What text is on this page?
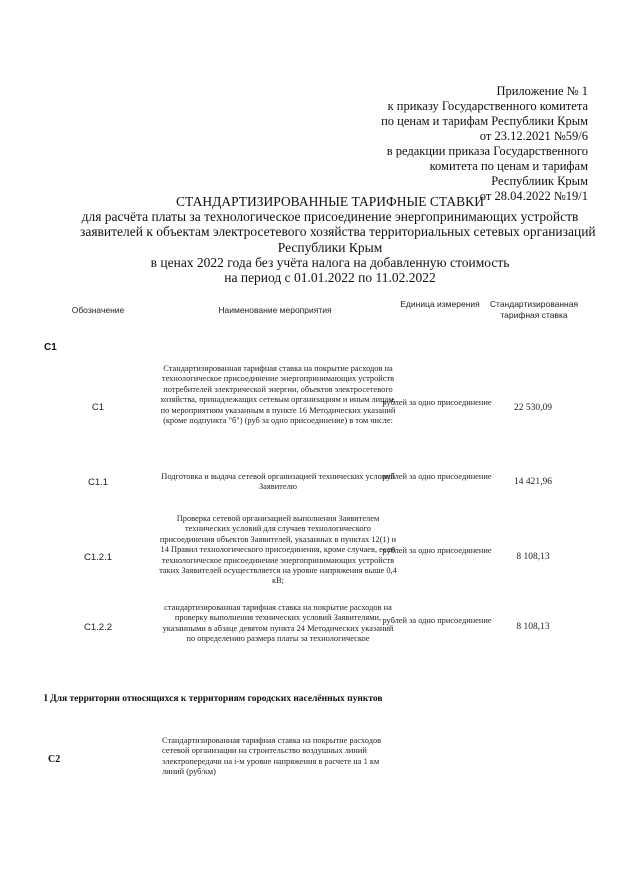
Приложение № 1
к приказу Государственного комитета
по ценам и тарифам Республики Крым
от 23.12.2021 №59/6
в редакции приказа Государственного
комитета по ценам и тарифам
Республиик Крым
от 28.04.2022 №19/1
СТАНДАРТИЗИРОВАННЫЕ ТАРИФНЫЕ СТАВКИ
для расчёта платы за технологическое присоединение энергопринимающих устройств
заявителей к объектам электросетевого хозяйства территориальных сетевых организаций
Республики Крым
в ценах 2022 года без учёта налога на добавленную стоимость
на период с 01.01.2022 по 11.02.2022
Обозначение	Наименование мероприятия
Единица измерения	Стандартизированная тарифная ставка
С1
С1
Стандартизированная тарифная ставка на покрытие расходов на технологическое присоединение энергопринимающих устройств потребителей электрической энергии, объектов электросетевого хозяйства, принадлежащих сетевым организациям и иным лицам, по мероприятиям указанным в пункте 16 Методических указаний (кроме подпункта "б") (руб за одно присоединение) в том числе:
рублей за одно присоединение
22 530,09
С1.1
Подготовка и выдача сетевой организацией технических условий Заявителю
рублей за одно присоединение
14 421,96
С1.2.1
Проверка сетевой организацией выполнения Заявителем технических условий для случаев технологического присоединения объектов Заявителей, указанных в пунктах 12(1) и 14 Правил технологического присоединения, кроме случаев, если технологическое присоединение энергопринимающих устройств таких Заявителей осуществляется на уровне напряжения выше 0,4 кВ;
рублей за одно присоединение
8 108,13
С1.2.2
стандартизированная тарифная ставка на покрытие расходов на проверку выполнения технических условий Заявителями, указанными в абзаце девятом пункта 24 Методических указаний по определению размера платы за технологическое
рублей за одно присоединение
8 108,13
I Для территории относящихся к территориям городских населённых пунктов
С2
Стандартизированная тарифная ставка на покрытие расходов сетевой организации на строительство воздушных линий электропередачи на i-м уровне напряжения в расчете на 1 км линий (руб/км)
